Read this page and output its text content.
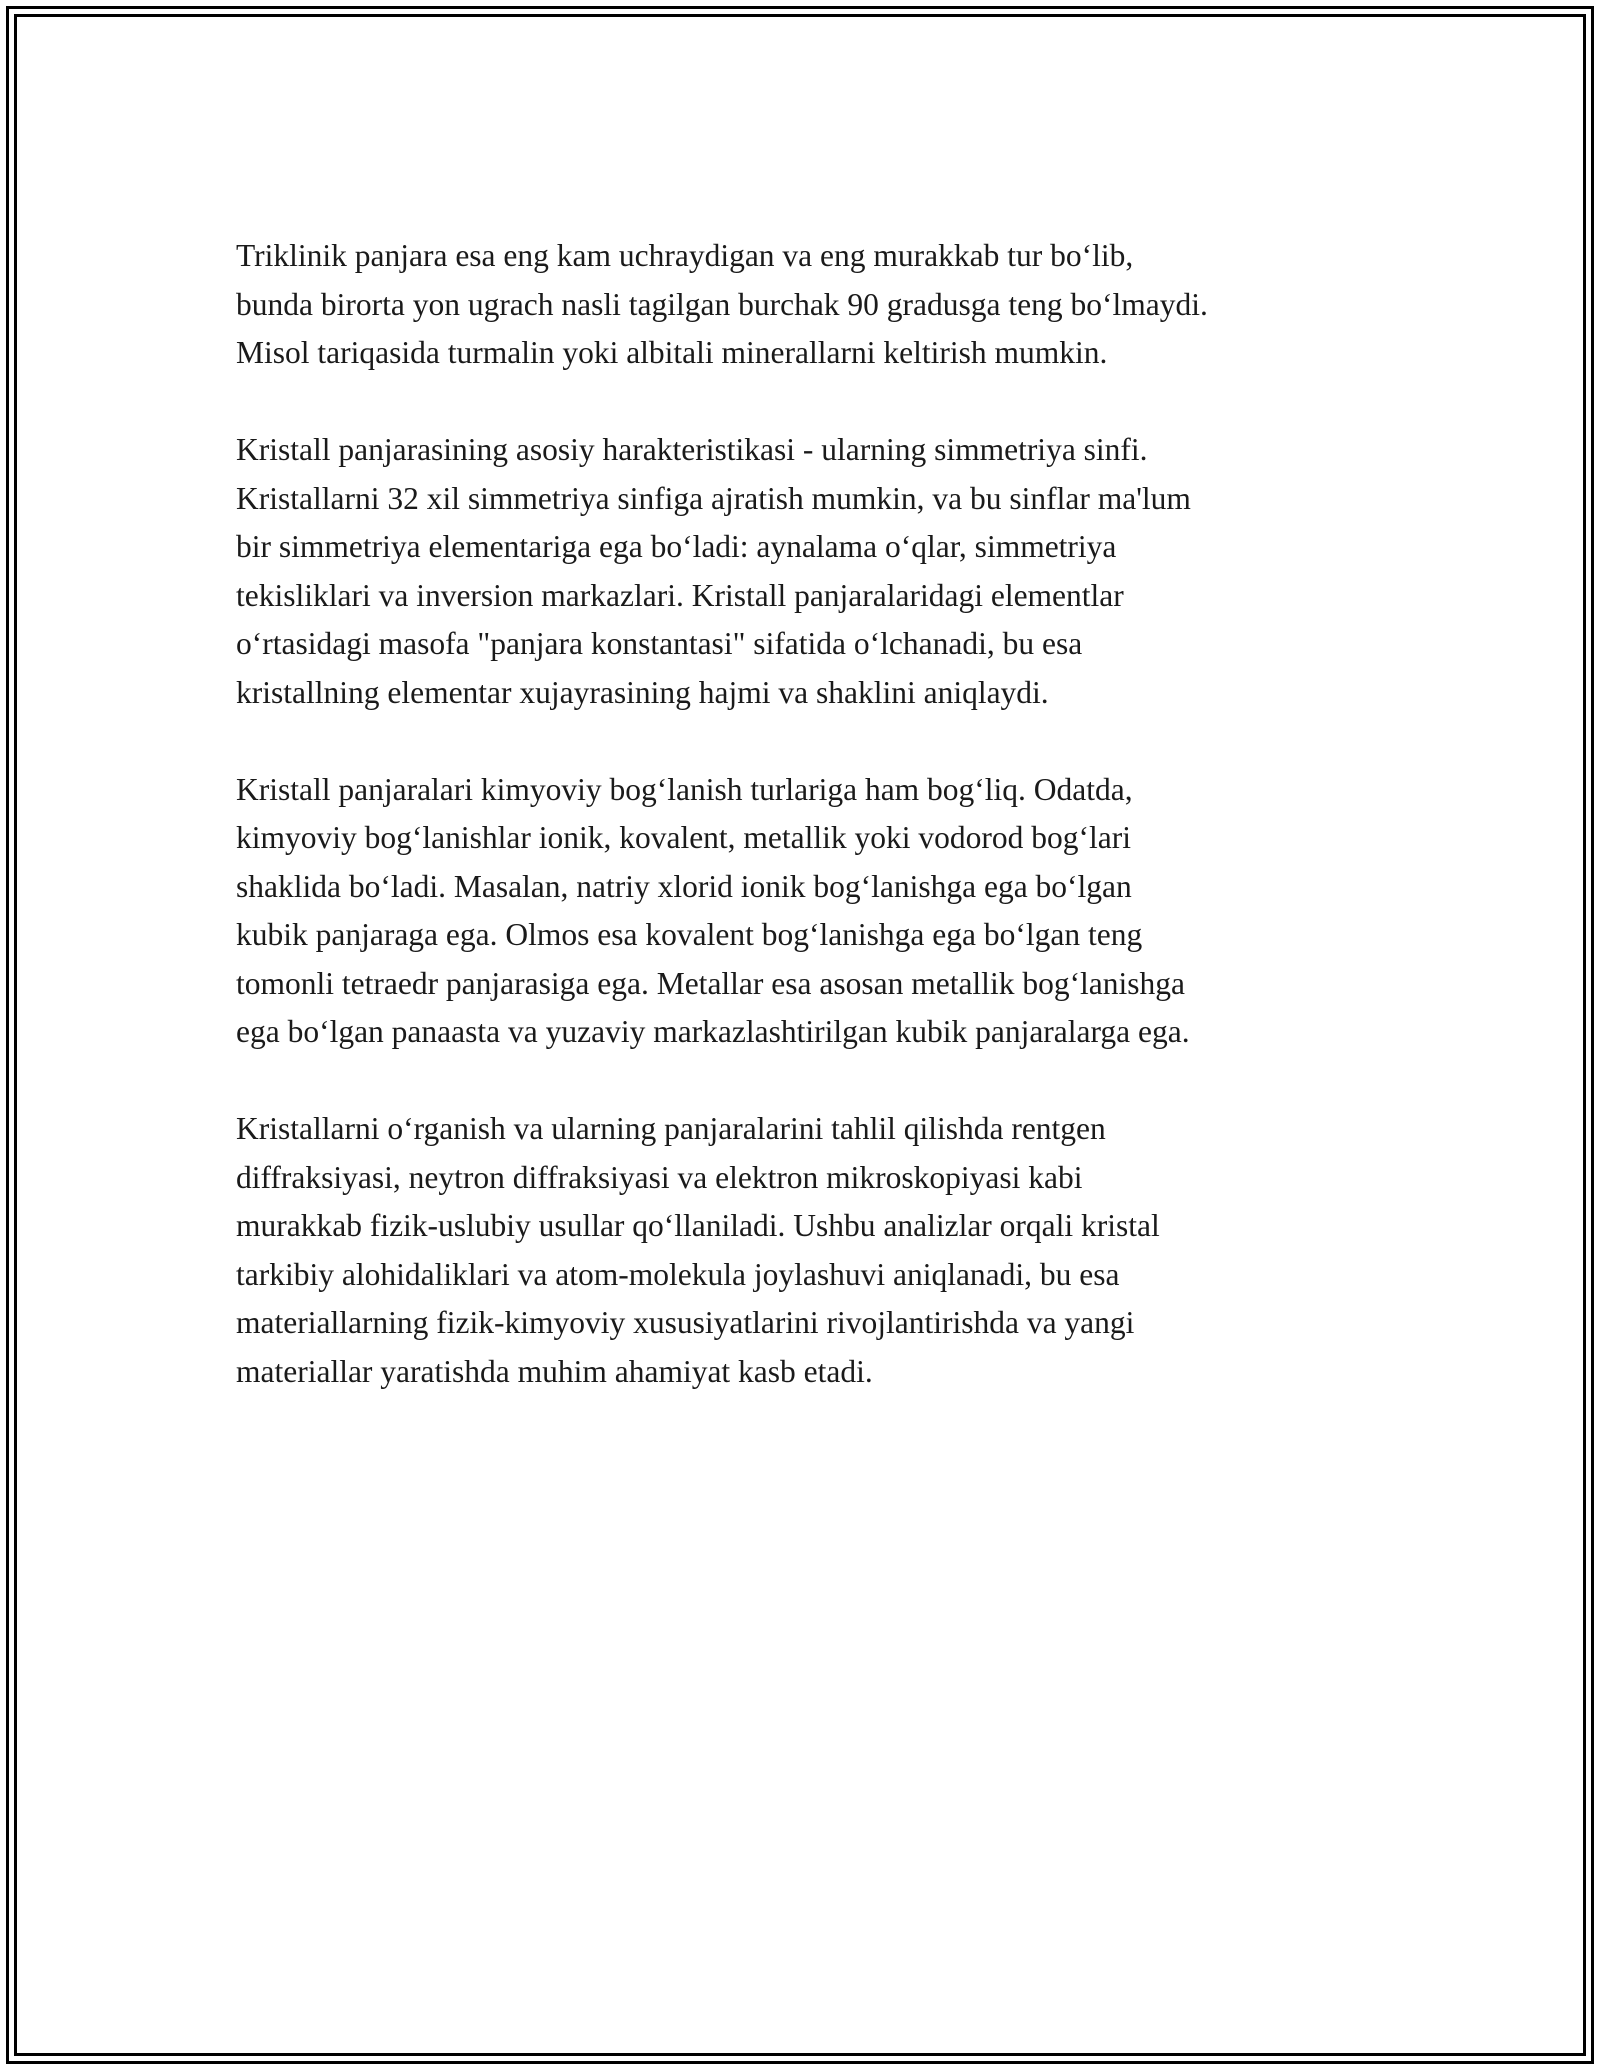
Triklinik panjara esa eng kam uchraydigan va eng murakkab tur bo‘lib,
bunda birorta yon ugrach nasli tagilgan burchak 90 gradusga teng bo‘lmaydi.
Misol tariqasida turmalin yoki albitali minerallarni keltirish mumkin.

Kristall panjarasining asosiy harakteristikasi - ularning simmetriya sinfi.
Kristallarni 32 xil simmetriya sinfiga ajratish mumkin, va bu sinflar ma'lum
bir simmetriya elementariga ega bo‘ladi: aynalama o‘qlar, simmetriya
tekisliklari va inversion markazlari. Kristall panjaralaridagi elementlar
o‘rtasidagi masofa "panjara konstantasi" sifatida o‘lchanadi, bu esa
kristallning elementar xujayrasining hajmi va shaklini aniqlaydi.

Kristall panjaralari kimyoviy bog‘lanish turlariga ham bog‘liq. Odatda,
kimyoviy bog‘lanishlar ionik, kovalent, metallik yoki vodorod bog‘lari
shaklida bo‘ladi. Masalan, natriy xlorid ionik bog‘lanishga ega bo‘lgan
kubik panjaraga ega. Olmos esa kovalent bog‘lanishga ega bo‘lgan teng
tomonli tetraedr panjarasiga ega. Metallar esa asosan metallik bog‘lanishga
ega bo‘lgan panaasta va yuzaviy markazlashtirilgan kubik panjaralarga ega.

Kristallarni o‘rganish va ularning panjaralarini tahlil qilishda rentgen
diffraksiyasi, neytron diffraksiyasi va elektron mikroskopiyasi kabi
murakkab fizik-uslubiy usullar qo‘llaniladi. Ushbu analizlar orqali kristal
tarkibiy alohidaliklari va atom-molekula joylashuvi aniqlanadi, bu esa
materiallarning fizik-kimyoviy xususiyatlarini rivojlantirishda va yangi
materiallar yaratishda muhim ahamiyat kasb etadi.
